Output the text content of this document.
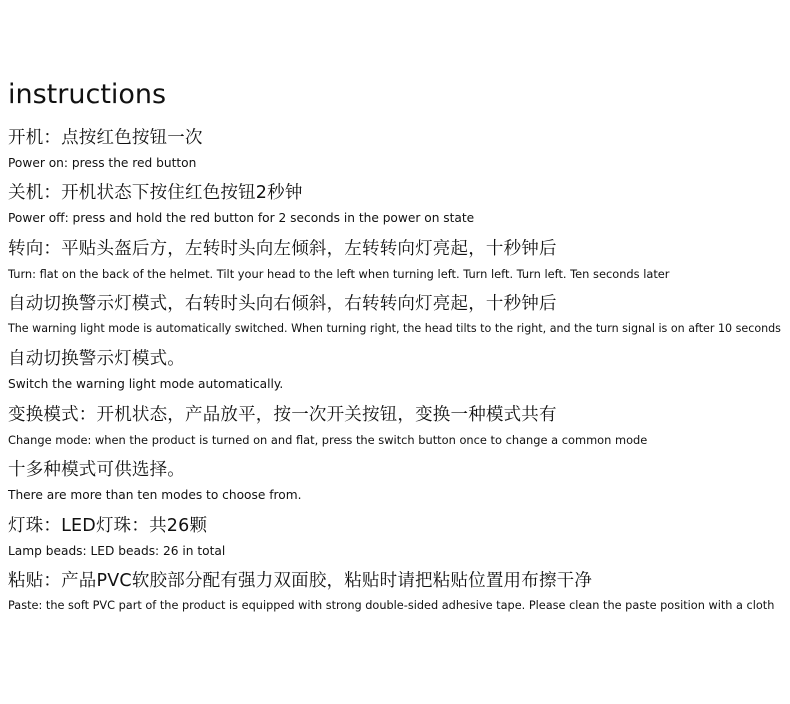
instructions
开机：点按红色按钮一次
Power on: press the red button
关机：开机状态下按住红色按钮2秒钟
Power off: press and hold the red button for 2 seconds in the power on state
转向：平贴头盔后方，左转时头向左倾斜，左转转向灯亮起，十秒钟后
Turn: flat on the back of the helmet. Tilt your head to the left when turning left. Turn left. Turn left. Ten seconds later
自动切换警示灯模式，右转时头向右倾斜，右转转向灯亮起，十秒钟后
The warning light mode is automatically switched. When turning right, the head tilts to the right, and the turn signal is on after 10 seconds
自动切换警示灯模式。
Switch the warning light mode automatically.
变换模式：开机状态，产品放平，按一次开关按钮，变换一种模式共有
Change mode: when the product is turned on and flat, press the switch button once to change a common mode
十多种模式可供选择。
There are more than ten modes to choose from.
灯珠：LED灯珠：共26颗
Lamp beads: LED beads: 26 in total
粘贴：产品PVC软胶部分配有强力双面胶，粘贴时请把粘贴位置用布擦干净
Paste: the soft PVC part of the product is equipped with strong double-sided adhesive tape. Please clean the paste position with a cloth
